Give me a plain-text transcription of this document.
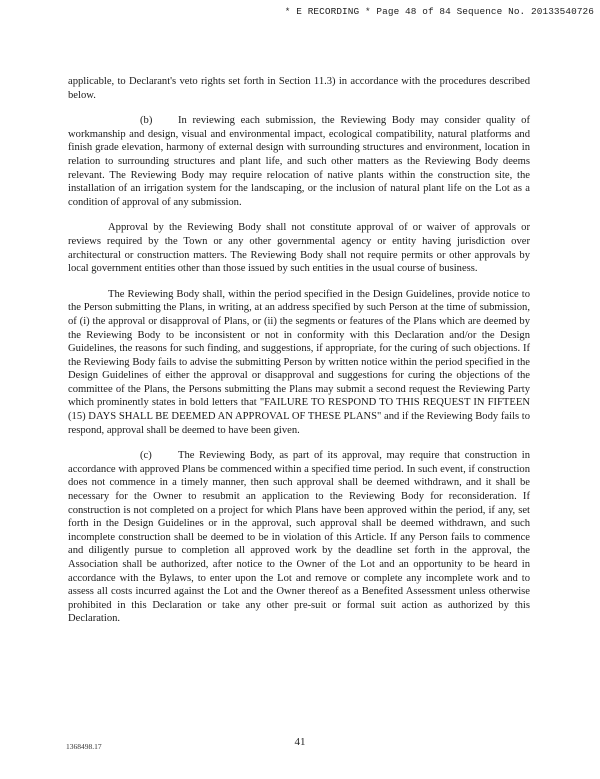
* E RECORDING * Page 48 of 84 Sequence No. 20133540726

applicable, to Declarant's veto rights set forth in Section 11.3) in accordance with the procedures described below.

(b) In reviewing each submission, the Reviewing Body may consider quality of workmanship and design, visual and environmental impact, ecological compatibility, natural platforms and finish grade elevation, harmony of external design with surrounding structures and environment, location in relation to surrounding structures and plant life, and such other matters as the Reviewing Body deems relevant. The Reviewing Body may require relocation of native plants within the construction site, the installation of an irrigation system for the landscaping, or the inclusion of natural plant life on the Lot as a condition of approval of any submission.

Approval by the Reviewing Body shall not constitute approval of or waiver of approvals or reviews required by the Town or any other governmental agency or entity having jurisdiction over architectural or construction matters. The Reviewing Body shall not require permits or other approvals by local government entities other than those issued by such entities in the usual course of business.

The Reviewing Body shall, within the period specified in the Design Guidelines, provide notice to the Person submitting the Plans, in writing, at an address specified by such Person at the time of submission, of (i) the approval or disapproval of Plans, or (ii) the segments or features of the Plans which are deemed by the Reviewing Body to be inconsistent or not in conformity with this Declaration and/or the Design Guidelines, the reasons for such finding, and suggestions, if appropriate, for the curing of such objections. If the Reviewing Body fails to advise the submitting Person by written notice within the period specified in the Design Guidelines of either the approval or disapproval and suggestions for curing the objections of the committee of the Plans, the Persons submitting the Plans may submit a second request the Reviewing Party which prominently states in bold letters that "FAILURE TO RESPOND TO THIS REQUEST IN FIFTEEN (15) DAYS SHALL BE DEEMED AN APPROVAL OF THESE PLANS" and if the Reviewing Body fails to respond, approval shall be deemed to have been given.

(c) The Reviewing Body, as part of its approval, may require that construction in accordance with approved Plans be commenced within a specified time period. In such event, if construction does not commence in a timely manner, then such approval shall be deemed withdrawn, and it shall be necessary for the Owner to resubmit an application to the Reviewing Body for reconsideration. If construction is not completed on a project for which Plans have been approved within the period, if any, set forth in the Design Guidelines or in the approval, such approval shall be deemed withdrawn, and such incomplete construction shall be deemed to be in violation of this Article. If any Person fails to commence and diligently pursue to completion all approved work by the deadline set forth in the approval, the Association shall be authorized, after notice to the Owner of the Lot and an opportunity to be heard in accordance with the Bylaws, to enter upon the Lot and remove or complete any incomplete work and to assess all costs incurred against the Lot and the Owner thereof as a Benefited Assessment unless otherwise prohibited in this Declaration or take any other pre-suit or formal suit action as authorized by this Declaration.

1368498.17	41
